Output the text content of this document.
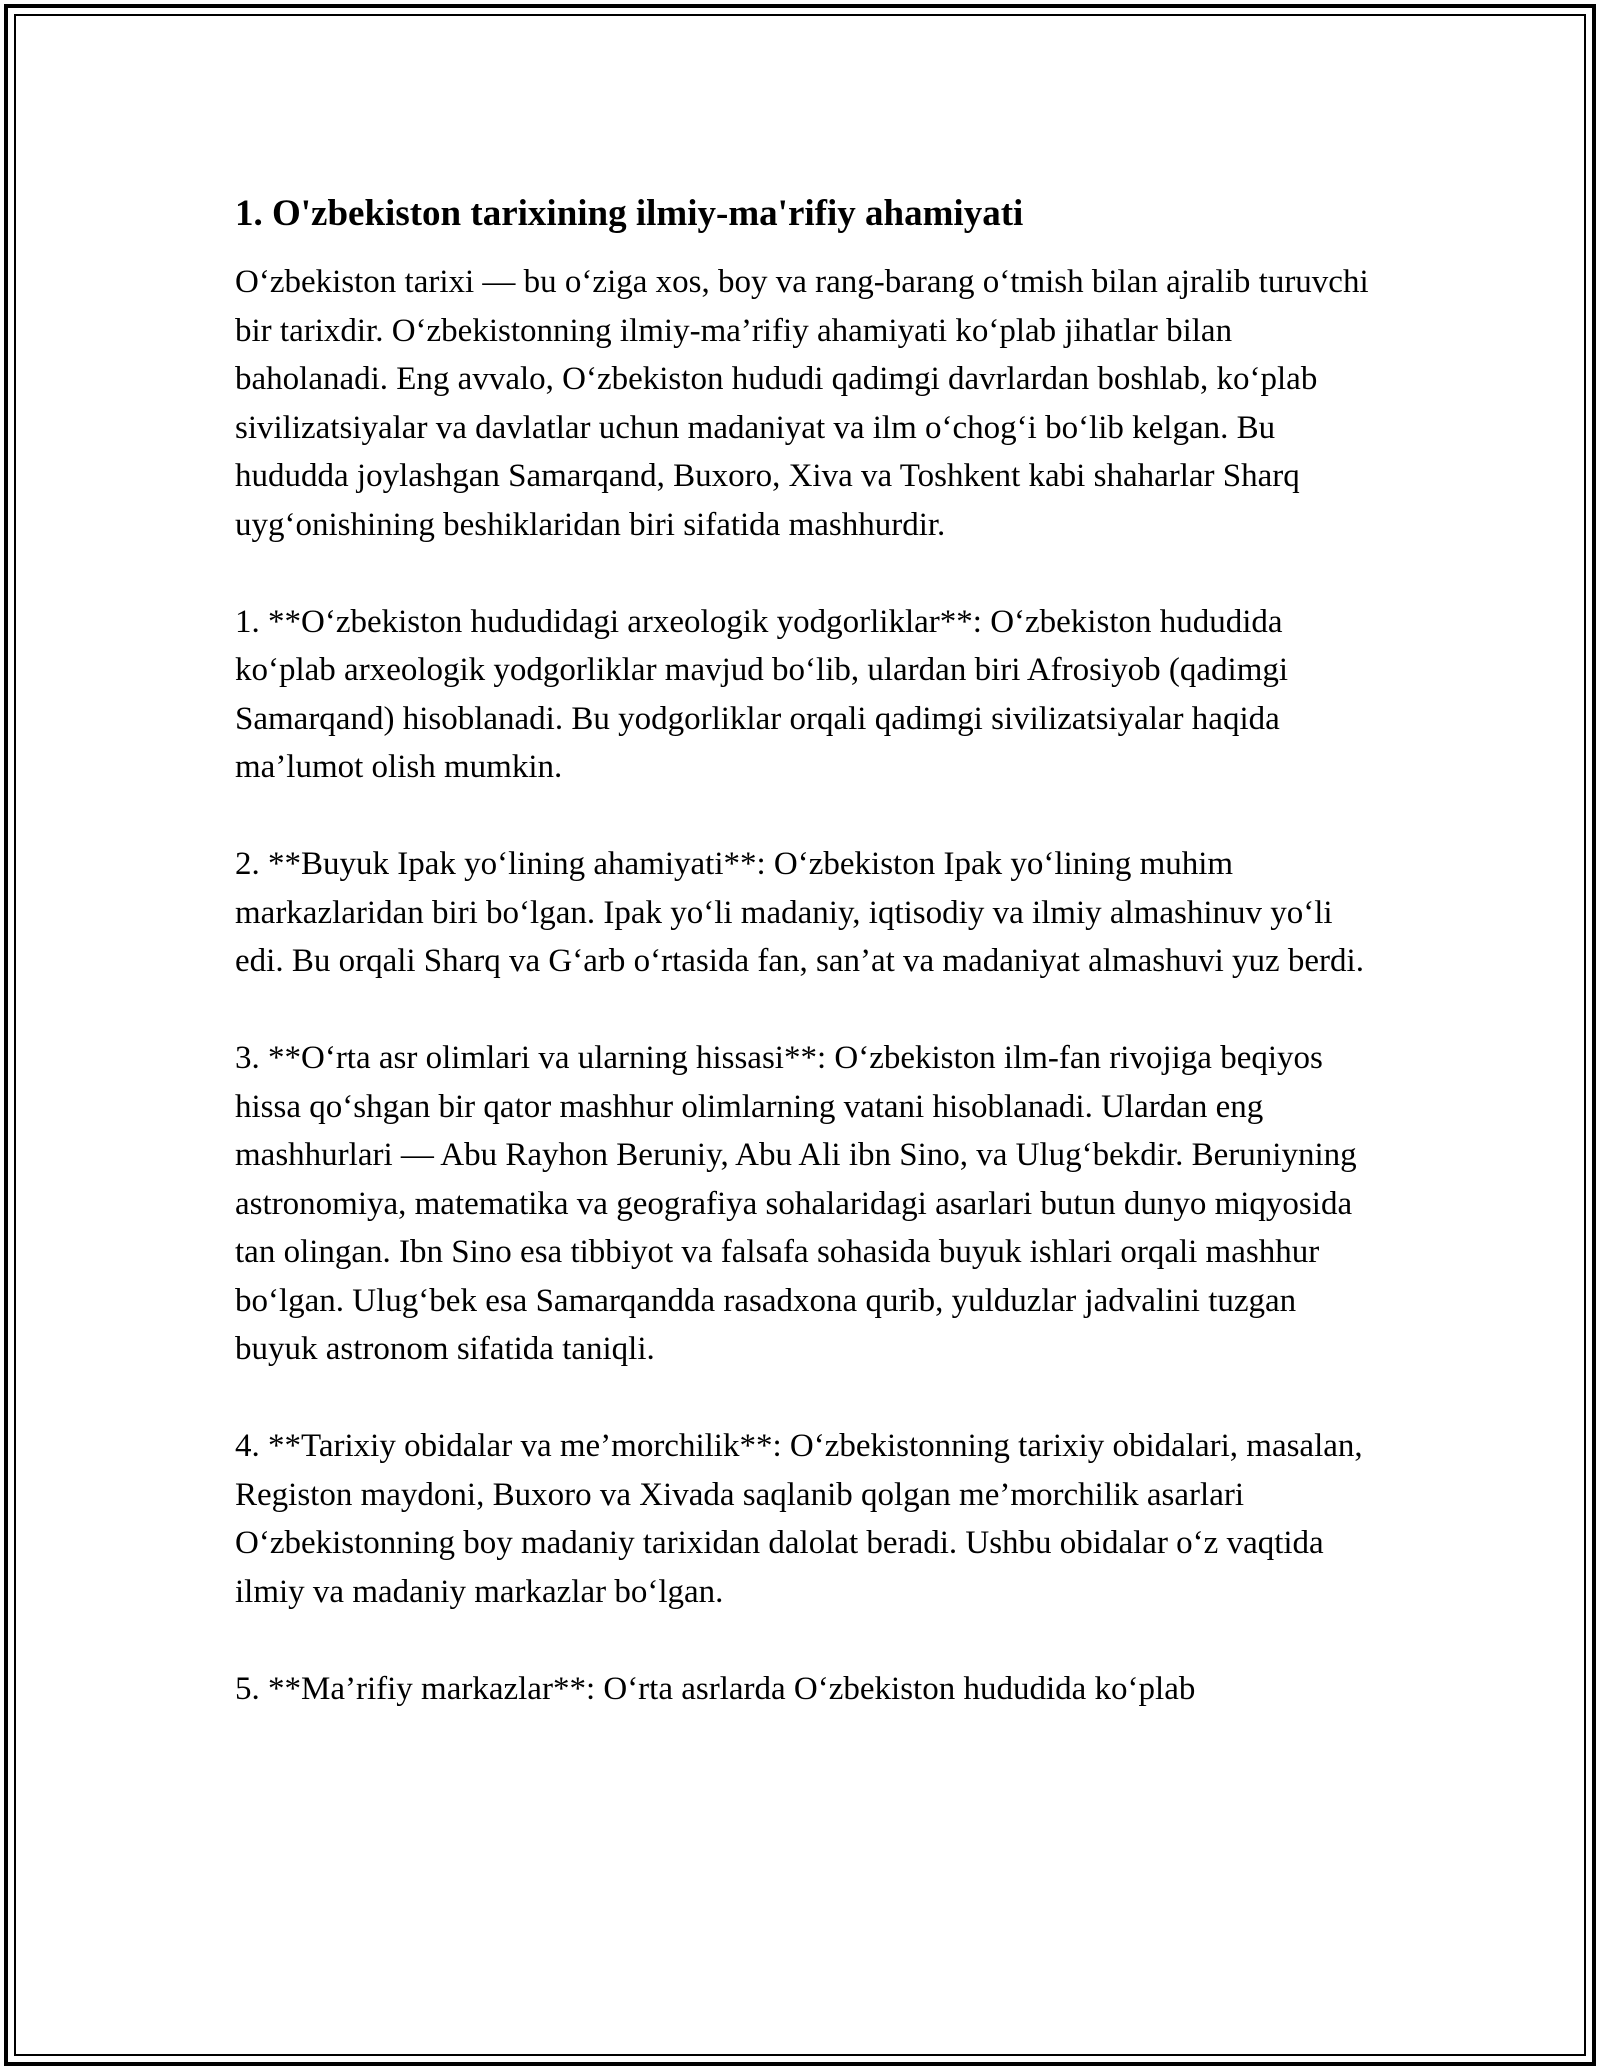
1. O'zbekiston tarixining ilmiy-ma'rifiy ahamiyati

O‘zbekiston tarixi — bu o‘ziga xos, boy va rang-barang o‘tmish bilan ajralib turuvchi bir tarixdir. O‘zbekistonning ilmiy-ma’rifiy ahamiyati ko‘plab jihatlar bilan baholanadi. Eng avvalo, O‘zbekiston hududi qadimgi davrlardan boshlab, ko‘plab sivilizatsiyalar va davlatlar uchun madaniyat va ilm o‘chog‘i bo‘lib kelgan. Bu hududda joylashgan Samarqand, Buxoro, Xiva va Toshkent kabi shaharlar Sharq uyg‘onishining beshiklaridan biri sifatida mashhurdir.

1. **O‘zbekiston hududidagi arxeologik yodgorliklar**: O‘zbekiston hududida ko‘plab arxeologik yodgorliklar mavjud bo‘lib, ulardan biri Afrosiyob (qadimgi Samarqand) hisoblanadi. Bu yodgorliklar orqali qadimgi sivilizatsiyalar haqida ma’lumot olish mumkin.

2. **Buyuk Ipak yo‘lining ahamiyati**: O‘zbekiston Ipak yo‘lining muhim markazlaridan biri bo‘lgan. Ipak yo‘li madaniy, iqtisodiy va ilmiy almashinuv yo‘li edi. Bu orqali Sharq va G‘arb o‘rtasida fan, san’at va madaniyat almashuvi yuz berdi.

3. **O‘rta asr olimlari va ularning hissasi**: O‘zbekiston ilm-fan rivojiga beqiyos hissa qo‘shgan bir qator mashhur olimlarning vatani hisoblanadi. Ulardan eng mashhurlari — Abu Rayhon Beruniy, Abu Ali ibn Sino, va Ulug‘bekdir. Beruniyning astronomiya, matematika va geografiya sohalaridagi asarlari butun dunyo miqyosida tan olingan. Ibn Sino esa tibbiyot va falsafa sohasida buyuk ishlari orqali mashhur bo‘lgan. Ulug‘bek esa Samarqandda rasadxona qurib, yulduzlar jadvalini tuzgan buyuk astronom sifatida taniqli.

4. **Tarixiy obidalar va me’morchilik**: O‘zbekistonning tarixiy obidalari, masalan, Registon maydoni, Buxoro va Xivada saqlanib qolgan me’morchilik asarlari O‘zbekistonning boy madaniy tarixidan dalolat beradi. Ushbu obidalar o‘z vaqtida ilmiy va madaniy markazlar bo‘lgan.

5. **Ma’rifiy markazlar**: O‘rta asrlarda O‘zbekiston hududida ko‘plab
